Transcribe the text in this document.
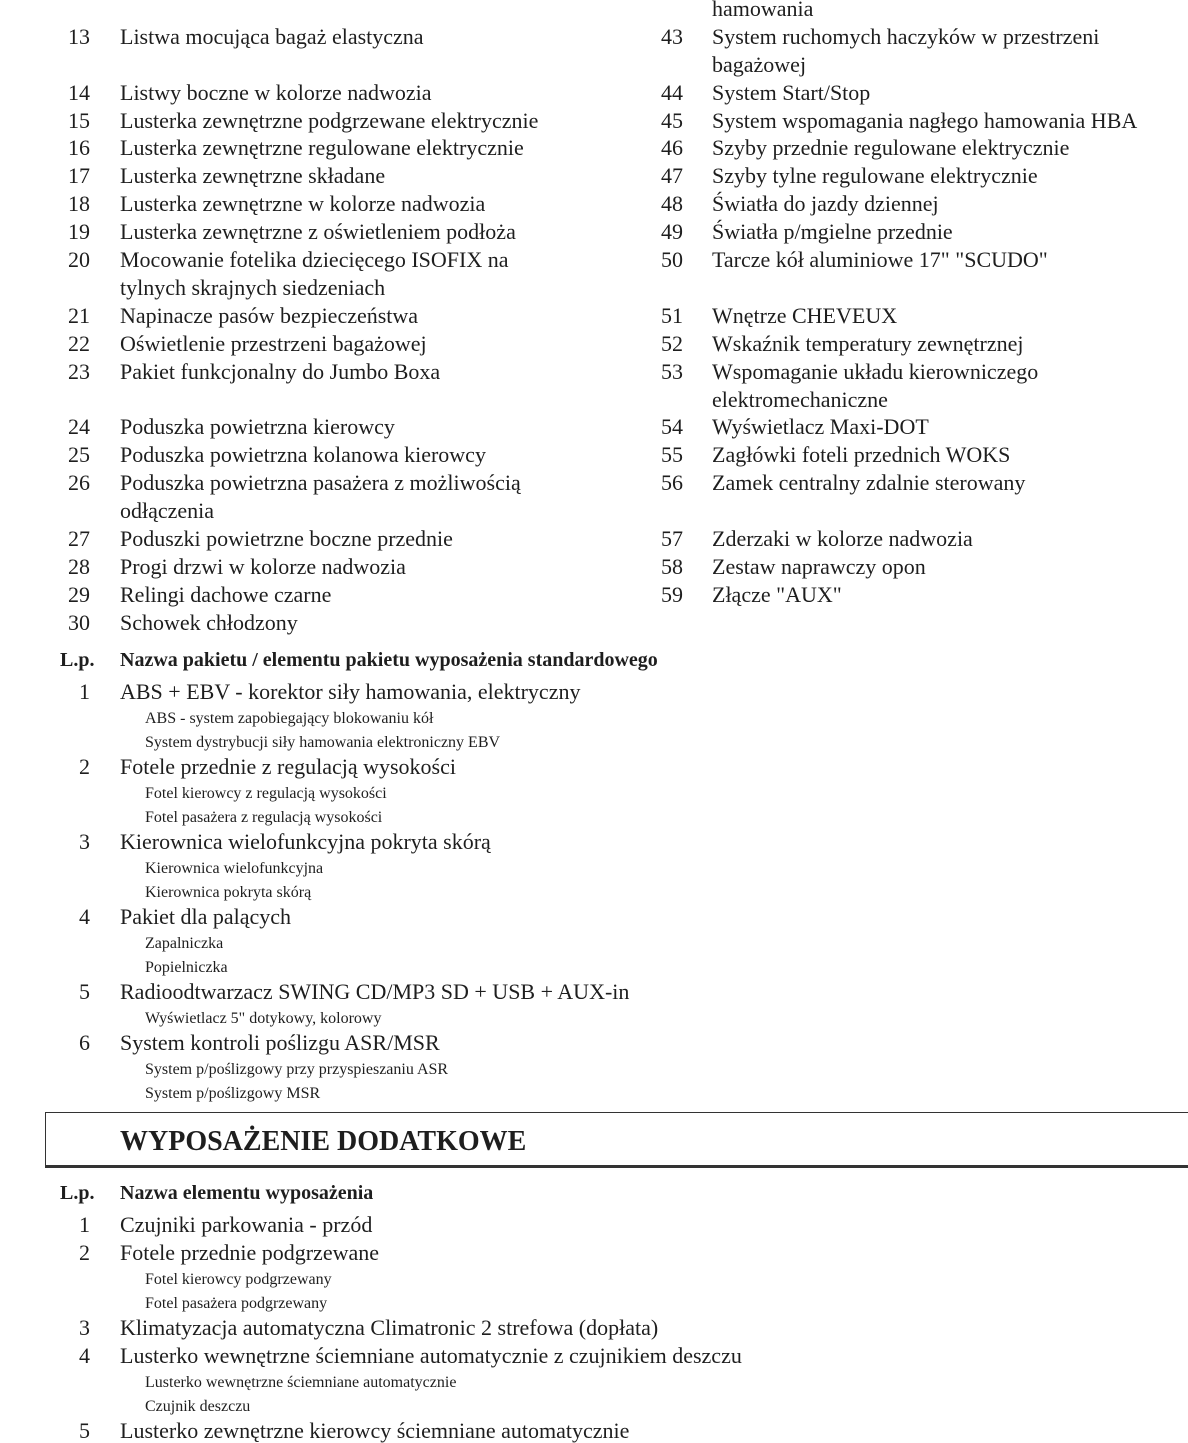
WYPOSAŻENIE DODATKOWE
hamowania
13 Listwa mocująca bagaż elastyczna
14 Listwy boczne w kolorze nadwozia
15 Lusterka zewnętrzne podgrzewane elektrycznie
16 Lusterka zewnętrzne regulowane elektrycznie
17 Lusterka zewnętrzne składane
18 Lusterka zewnętrzne w kolorze nadwozia
19 Lusterka zewnętrzne z oświetleniem podłoża
20 Mocowanie fotelika dziecięcego ISOFIX na
tylnych skrajnych siedzeniach
21 Napinacze pasów bezpieczeństwa
22 Oświetlenie przestrzeni bagażowej
23 Pakiet funkcjonalny do Jumbo Boxa
24 Poduszka powietrzna kierowcy
25 Poduszka powietrzna kolanowa kierowcy
26 Poduszka powietrzna pasażera z możliwością
odłączenia
27 Poduszki powietrzne boczne przednie
28 Progi drzwi w kolorze nadwozia
29 Relingi dachowe czarne
30 Schowek chłodzony
43 System ruchomych haczyków w przestrzeni
bagażowej
44 System Start/Stop
45 System wspomagania nagłego hamowania HBA
46 Szyby przednie regulowane elektrycznie
47 Szyby tylne regulowane elektrycznie
48 Światła do jazdy dziennej
49 Światła p/mgielne przednie
50 Tarcze kół aluminiowe 17" "SCUDO"
51 Wnętrze CHEVEUX
52 Wskaźnik temperatury zewnętrznej
53 Wspomaganie układu kierowniczego
elektromechaniczne
54 Wyświetlacz Maxi-DOT
55 Zagłówki foteli przednich WOKS
56 Zamek centralny zdalnie sterowany
57 Zderzaki w kolorze nadwozia
58 Zestaw naprawczy opon
59 Złącze "AUX"
L.p. Nazwa pakietu / elementu pakietu wyposażenia standardowego
1 ABS + EBV - korektor siły hamowania, elektryczny
ABS - system zapobiegający blokowaniu kół
System dystrybucji siły hamowania elektroniczny EBV
2 Fotele przednie z regulacją wysokości
Fotel kierowcy z regulacją wysokości
Fotel pasażera z regulacją wysokości
3 Kierownica wielofunkcyjna pokryta skórą
Kierownica wielofunkcyjna
Kierownica pokryta skórą
4 Pakiet dla palących
Zapalniczka
Popielniczka
5 Radioodtwarzacz SWING CD/MP3 SD + USB + AUX-in
Wyświetlacz 5" dotykowy, kolorowy
6 System kontroli poślizgu ASR/MSR
System p/poślizgowy przy przyspieszaniu ASR
System p/poślizgowy MSR
L.p. Nazwa elementu wyposażenia
1 Czujniki parkowania - przód
2 Fotele przednie podgrzewane
Fotel kierowcy podgrzewany
Fotel pasażera podgrzewany
3 Klimatyzacja automatyczna Climatronic 2 strefowa (dopłata)
4 Lusterko wewnętrzne ściemniane automatycznie z czujnikiem deszczu
Lusterko wewnętrzne ściemniane automatycznie
Czujnik deszczu
5 Lusterko zewnętrzne kierowcy ściemniane automatycznie
